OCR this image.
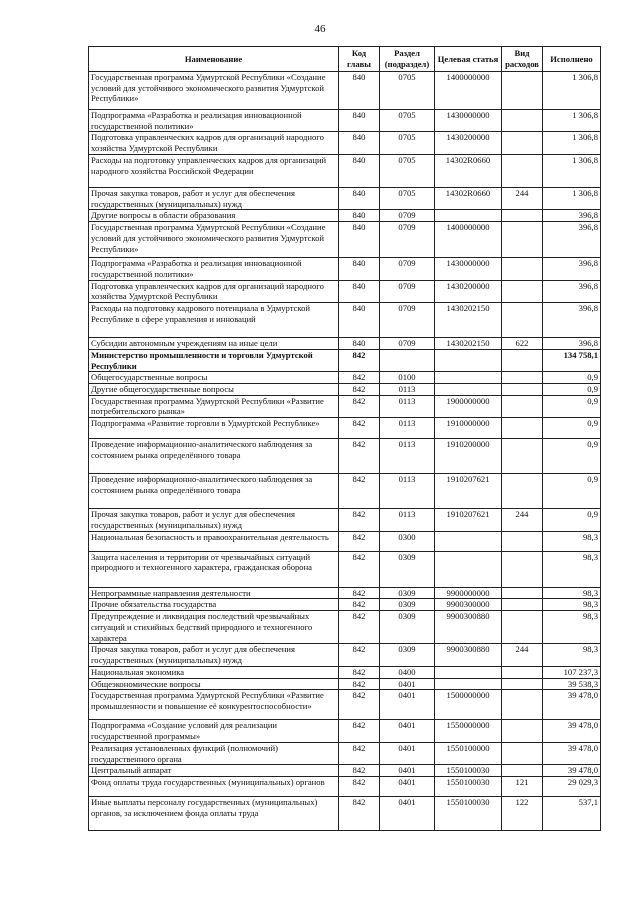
46
Наименование	Код главы	Раздел (подраздел)	Целевая статья	Вид расходов	Исполнено
Государственная программа Удмуртской Республики «Создание условий для устойчивого экономического развития Удмуртской Республики»	840	0705	1400000000		1 306,8
Подпрограмма «Разработка и реализация инновационной государственной политики»	840	0705	1430000000		1 306,8
Подготовка управленческих кадров для организаций народного хозяйства Удмуртской Республики	840	0705	1430200000		1 306,8
Расходы на подготовку управленческих кадров для организаций народного хозяйства Российской Федерации	840	0705	14302R0660		1 306,8
Прочая закупка товаров, работ и услуг для обеспечения государственных (муниципальных) нужд	840	0705	14302R0660	244	1 306,8
Другие вопросы в области образования	840	0709			396,8
Государственная программа Удмуртской Республики «Создание условий для устойчивого экономического развития Удмуртской Республики»	840	0709	1400000000		396,8
Подпрограмма «Разработка и реализация инновационной государственной политики»	840	0709	1430000000		396,8
Подготовка управленческих кадров для организаций народного хозяйства Удмуртской Республики	840	0709	1430200000		396,8
Расходы на подготовку кадрового потенциала в Удмуртской Республике в сфере управления и инноваций	840	0709	1430202150		396,8
Субсидии автономным учреждениям на иные цели	840	0709	1430202150	622	396,8
Министерство промышленности и торговли Удмуртской Республики	842				134 758,1
Общегосударственные вопросы	842	0100			0,9
Другие общегосударственные вопросы	842	0113			0,9
Государственная программа Удмуртской Республики «Развитие потребительского рынка»	842	0113	1900000000		0,9
Подпрограмма «Развитие торговли в Удмуртской Республике»	842	0113	1910000000		0,9
Проведение информационно-аналитического наблюдения за состоянием рынка определённого товара	842	0113	1910200000		0,9
Проведение информационно-аналитического наблюдения за состоянием рынка определённого товара	842	0113	1910207621		0,9
Прочая закупка товаров, работ и услуг для обеспечения государственных (муниципальных) нужд	842	0113	1910207621	244	0,9
Национальная безопасность и правоохранительная деятельность	842	0300			98,3
Защита населения и территории от чрезвычайных ситуаций природного и техногенного характера, гражданская оборона	842	0309			98,3
Непрограммные направления деятельности	842	0309	9900000000		98,3
Прочие обязательства государства	842	0309	9900300000		98,3
Предупреждение и ликвидация последствий чрезвычайных ситуаций и стихийных бедствий природного и техногенного характера	842	0309	9900300880		98,3
Прочая закупка товаров, работ и услуг для обеспечения государственных (муниципальных) нужд	842	0309	9900300880	244	98,3
Национальная экономика	842	0400			107 237,3
Общеэкономические вопросы	842	0401			39 538,3
Государственная программа Удмуртской Республики «Развитие промышленности и повышение её конкурентоспособности»	842	0401	1500000000		39 478,0
Подпрограмма «Создание условий для реализации государственной программы»	842	0401	1550000000		39 478,0
Реализация установленных функций (полномочий) государственного органа	842	0401	1550100000		39 478,0
Центральный аппарат	842	0401	1550100030		39 478,0
Фонд оплаты труда государственных (муниципальных) органов	842	0401	1550100030	121	29 029,3
Иные выплаты персоналу государственных (муниципальных) органов, за исключением фонда оплаты труда	842	0401	1550100030	122	537,1
